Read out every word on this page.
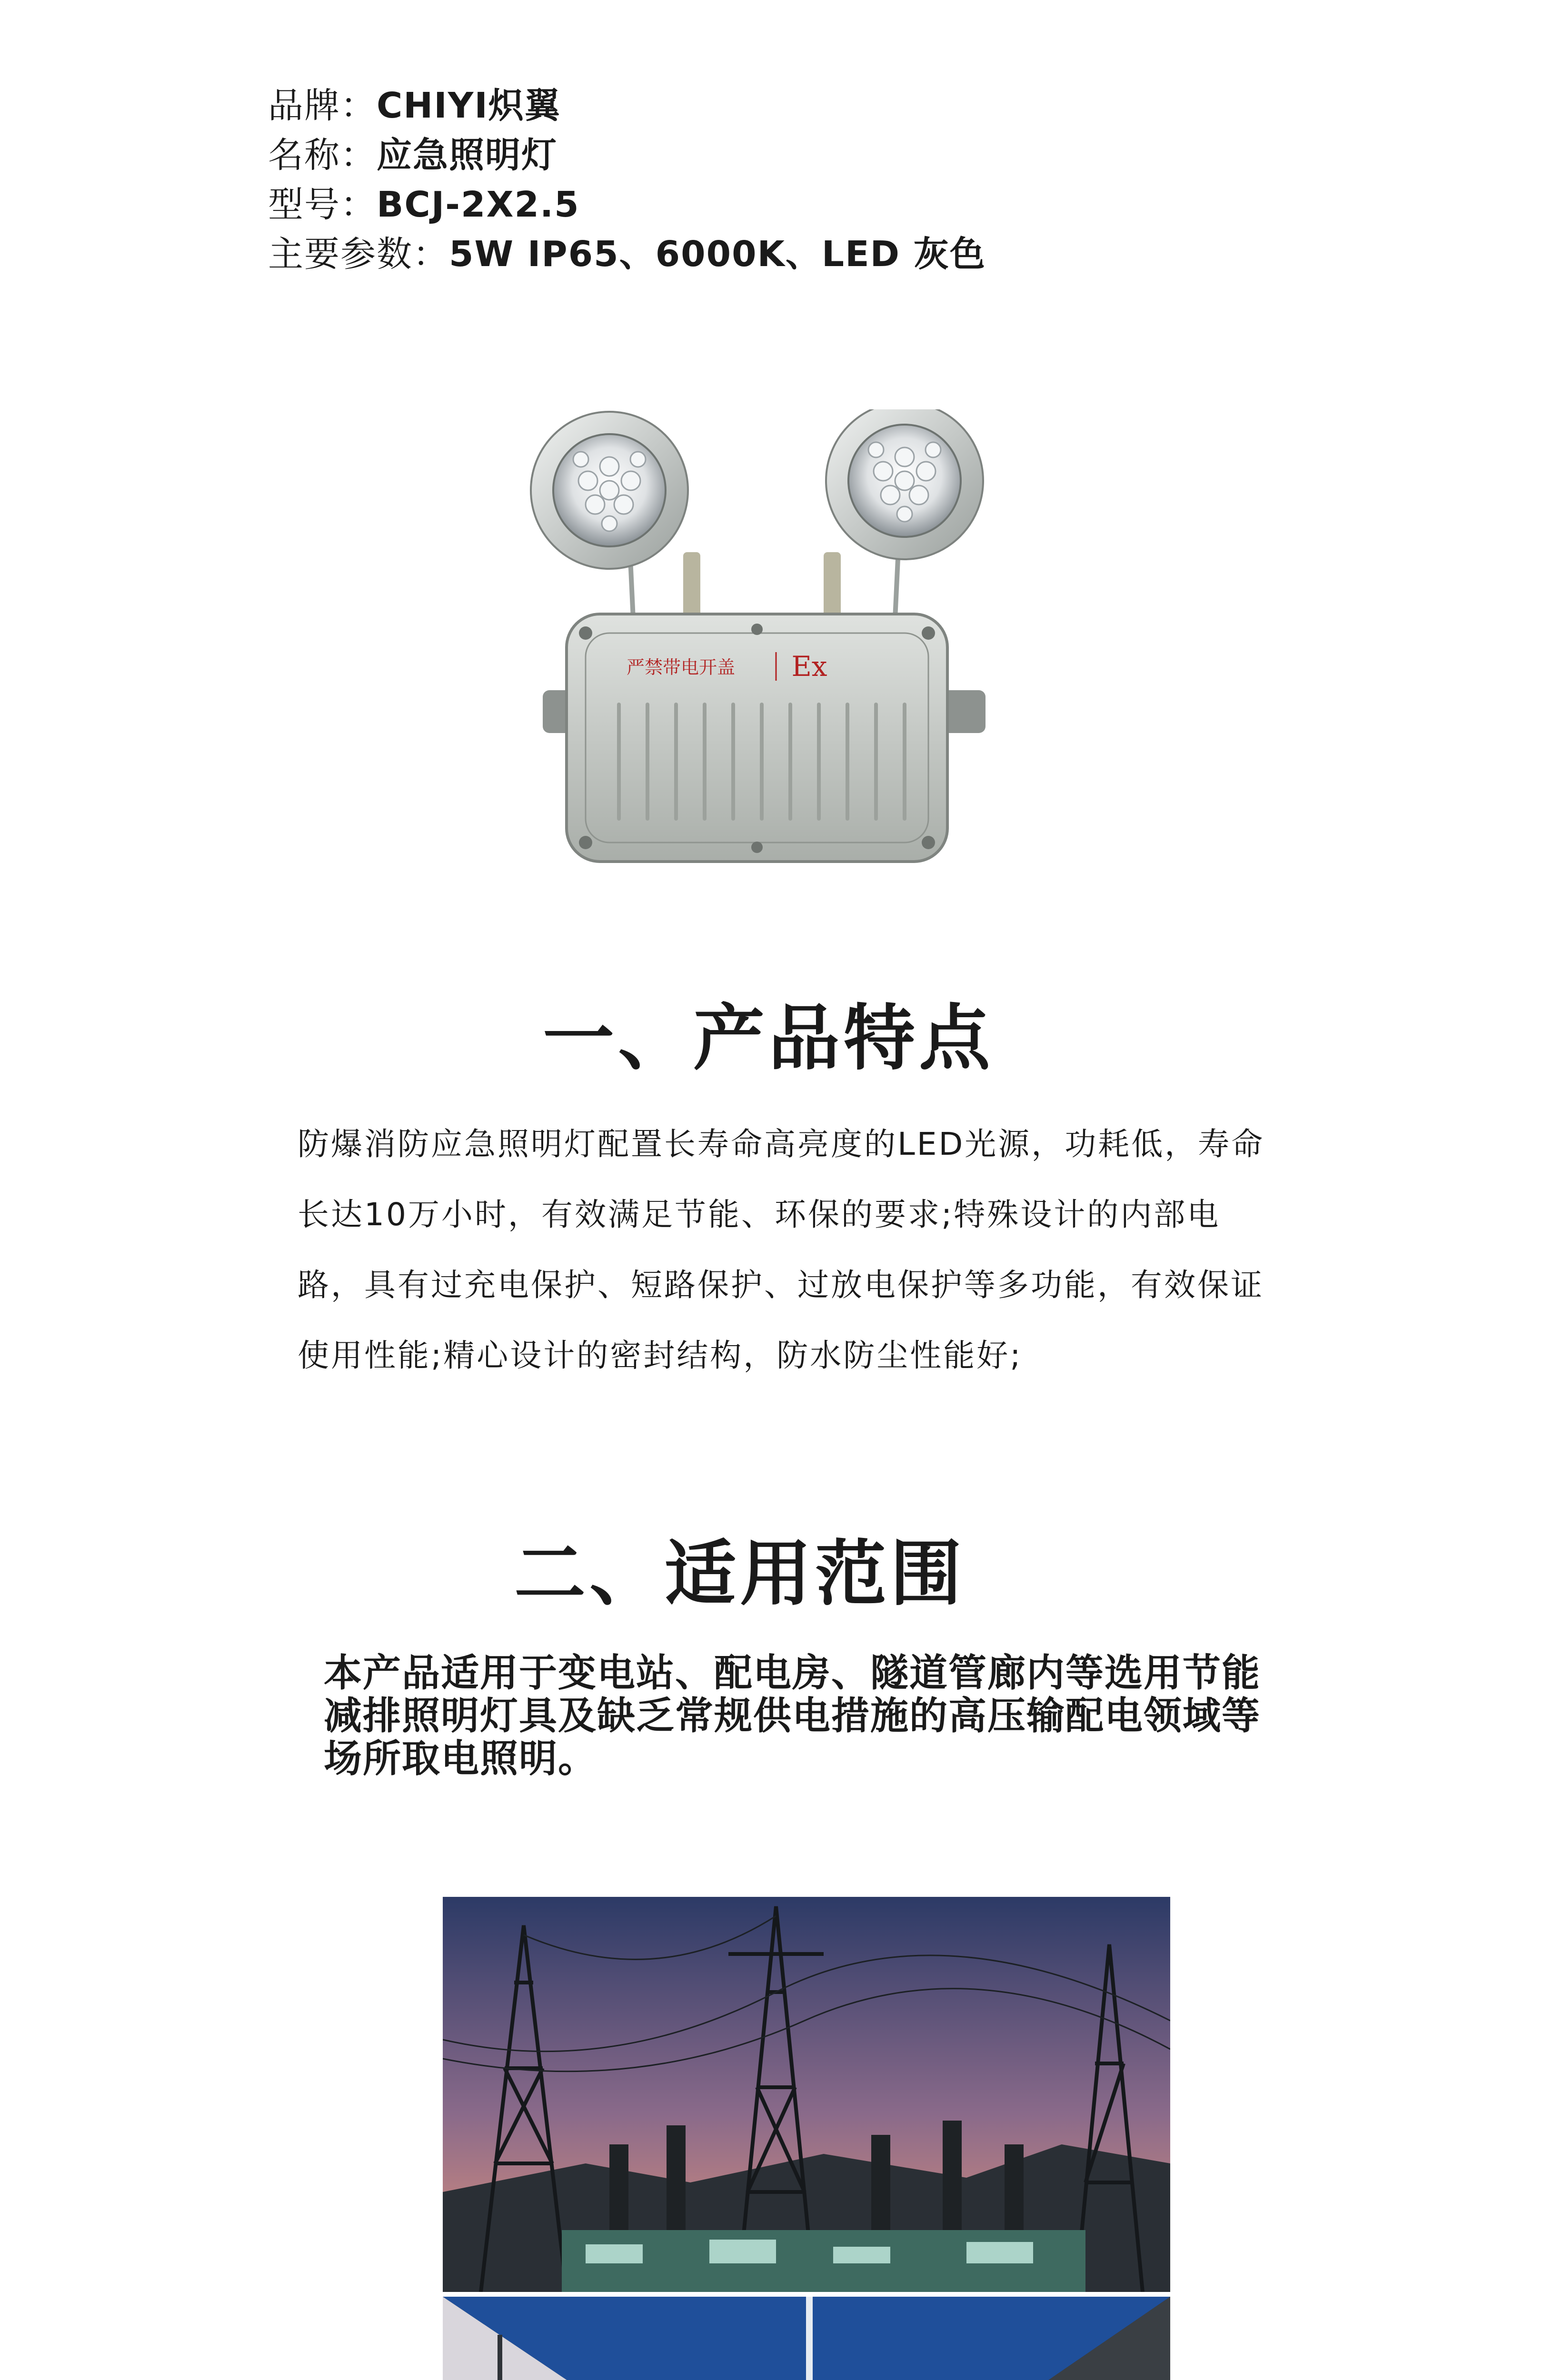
品牌：CHIYI炽翼
名称：应急照明灯
型号：BCJ-2X2.5
主要参数：5W IP65、6000K、LED 灰色
严禁带电开盖 Ex
一、产品特点
防爆消防应急照明灯配置长寿命高亮度的LED光源，功耗低，寿命长达10万小时，有效满足节能、环保的要求;特殊设计的内部电路，具有过充电保护、短路保护、过放电保护等多功能，有效保证使用性能;精心设计的密封结构，防水防尘性能好;
二、适用范围
本产品适用于变电站、配电房、隧道管廊内等选用节能减排照明灯具及缺乏常规供电措施的高压输配电领域等场所取电照明。
